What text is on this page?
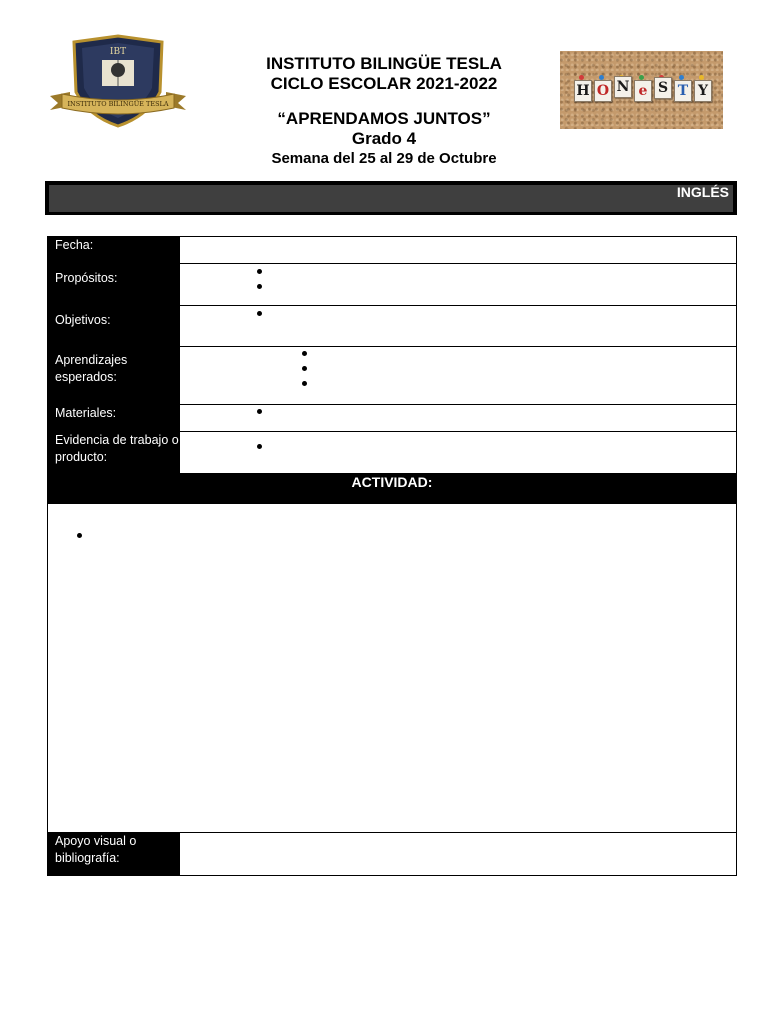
IBT
INSTITUTO BILINGÜE TESLA
INSTITUTO BILINGÜE TESLA
CICLO ESCOLAR 2021-2022
“APRENDAMOS JUNTOS”
Grado 4
Semana del 25 al 29 de Octubre
H O N e S T Y
INGLÉS
Fecha:
Propósitos:
Objetivos:
Aprendizajes esperados:
Materiales:
Evidencia de trabajo o producto:
ACTIVIDAD:
Apoyo visual o bibliografía:
